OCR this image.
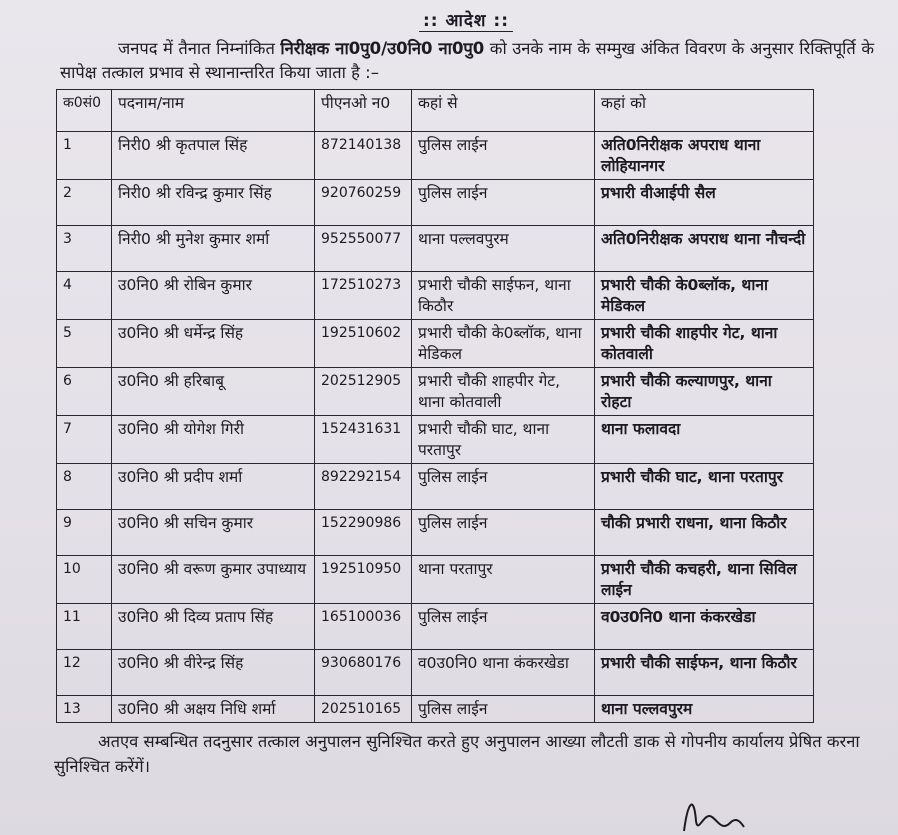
:: आदेश ::

जनपद में तैनात निम्नांकित निरीक्षक ना0पु0/उ0नि0 ना0पु0 को उनके नाम के सम्मुख अंकित विवरण के अनुसार रिक्तिपूर्ति के सापेक्ष तत्काल प्रभाव से स्थानान्तरित किया जाता है :–

क0सं0	पदनाम/नाम	पीएनओ न0	कहां से	कहां को
1	निरी0 श्री कृतपाल सिंह	872140138	पुलिस लाईन	अति0निरीक्षक अपराध थाना लोहियानगर
2	निरी0 श्री रविन्द्र कुमार सिंह	920760259	पुलिस लाईन	प्रभारी वीआईपी सैल
3	निरी0 श्री मुनेश कुमार शर्मा	952550077	थाना पल्लवपुरम	अति0निरीक्षक अपराध थाना नौचन्दी
4	उ0नि0 श्री रोबिन कुमार	172510273	प्रभारी चौकी साईफन, थाना किठौर	प्रभारी चौकी के0ब्लॉक, थाना मेडिकल
5	उ0नि0 श्री धर्मेन्द्र सिंह	192510602	प्रभारी चौकी के0ब्लॉक, थाना मेडिकल	प्रभारी चौकी शाहपीर गेट, थाना कोतवाली
6	उ0नि0 श्री हरिबाबू	202512905	प्रभारी चौकी शाहपीर गेट, थाना कोतवाली	प्रभारी चौकी कल्याणपुर, थाना रोहटा
7	उ0नि0 श्री योगेश गिरी	152431631	प्रभारी चौकी घाट, थाना परतापुर	थाना फलावदा
8	उ0नि0 श्री प्रदीप शर्मा	892292154	पुलिस लाईन	प्रभारी चौकी घाट, थाना परतापुर
9	उ0नि0 श्री सचिन कुमार	152290986	पुलिस लाईन	चौकी प्रभारी राधना, थाना किठौर
10	उ0नि0 श्री वरूण कुमार उपाध्याय	192510950	थाना परतापुर	प्रभारी चौकी कचहरी, थाना सिविल लाईन
11	उ0नि0 श्री दिव्य प्रताप सिंह	165100036	पुलिस लाईन	व0उ0नि0 थाना कंकरखेडा
12	उ0नि0 श्री वीरेन्द्र सिंह	930680176	व0उ0नि0 थाना कंकरखेडा	प्रभारी चौकी साईफन, थाना किठौर
13	उ0नि0 श्री अक्षय निधि शर्मा	202510165	पुलिस लाईन	थाना पल्लवपुरम

अतएव सम्बन्धित तदनुसार तत्काल अनुपालन सुनिश्चित करते हुए अनुपालन आख्या लौटती डाक से गोपनीय कार्यालय प्रेषित करना सुनिश्चित करेंगें।
